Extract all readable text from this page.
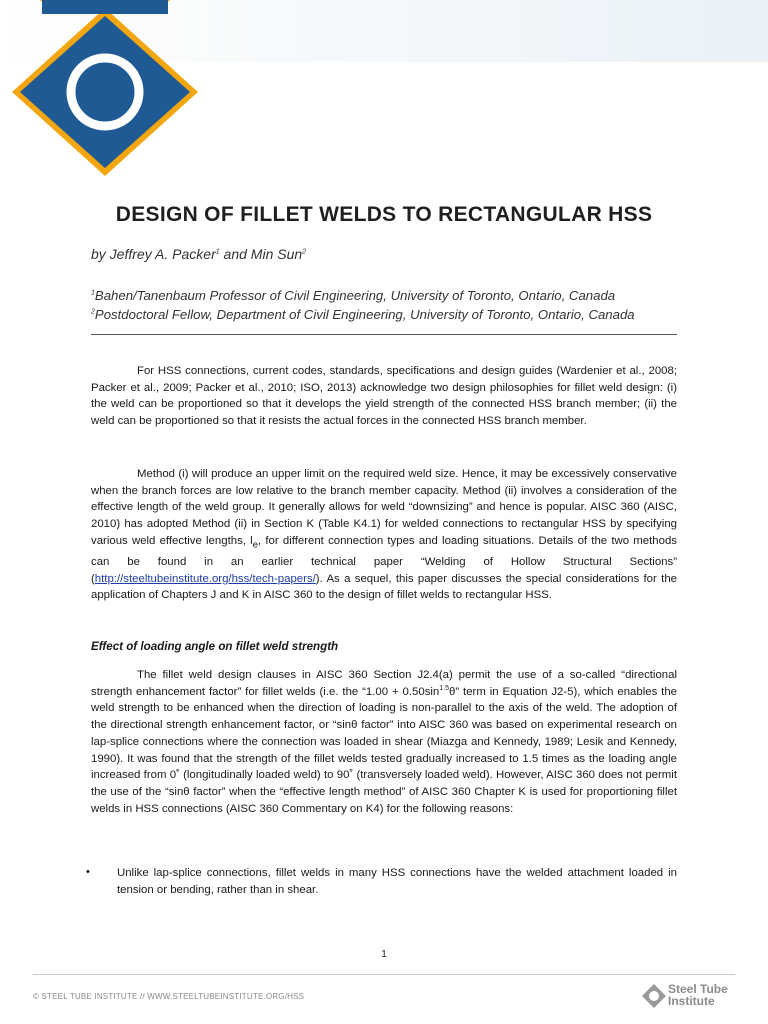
DESIGN OF FILLET WELDS TO RECTANGULAR HSS
by Jeffrey A. Packer$^1$ and Min Sun$^2$
$^1$Bahen/Tanenbaum Professor of Civil Engineering, University of Toronto, Ontario, Canada
$^2$Postdoctoral Fellow, Department of Civil Engineering, University of Toronto, Ontario, Canada

For HSS connections, current codes, standards, specifications and design guides (Wardenier et al., 2008; Packer et al., 2009; Packer et al., 2010; ISO, 2013) acknowledge two design philosophies for fillet weld design: (i) the weld can be proportioned so that it develops the yield strength of the connected HSS branch member; (ii) the weld can be proportioned so that it resists the actual forces in the connected HSS branch member.

Method (i) will produce an upper limit on the required weld size. Hence, it may be excessively conservative when the branch forces are low relative to the branch member capacity. Method (ii) involves a consideration of the effective length of the weld group. It generally allows for weld “downsizing” and hence is popular. AISC 360 (AISC, 2010) has adopted Method (ii) in Section K (Table K4.1) for welded connections to rectangular HSS by specifying various weld effective lengths, $l_e$, for different connection types and loading situations. Details of the two methods can be found in an earlier technical paper “Welding of Hollow Structural Sections” (http://steeltubeinstitute.org/hss/tech-papers/). As a sequel, this paper discusses the special considerations for the application of Chapters J and K in AISC 360 to the design of fillet welds to rectangular HSS.

Effect of loading angle on fillet weld strength

The fillet weld design clauses in AISC 360 Section J2.4(a) permit the use of a so-called “directional strength enhancement factor” for fillet welds (i.e. the “$1.00 + 0.50\sin^{1.5}\theta$” term in Equation J2-5), which enables the weld strength to be enhanced when the direction of loading is non-parallel to the axis of the weld. The adoption of the directional strength enhancement factor, or “sinθ factor” into AISC 360 was based on experimental research on lap-splice connections where the connection was loaded in shear (Miazga and Kennedy, 1989; Lesik and Kennedy, 1990). It was found that the strength of the fillet welds tested gradually increased to 1.5 times as the loading angle increased from 0˚ (longitudinally loaded weld) to 90˚ (transversely loaded weld). However, AISC 360 does not permit the use of the “sinθ factor” when the “effective length method” of AISC 360 Chapter K is used for proportioning fillet welds in HSS connections (AISC 360 Commentary on K4) for the following reasons:

• Unlike lap-splice connections, fillet welds in many HSS connections have the welded attachment loaded in tension or bending, rather than in shear.

1
© STEEL TUBE INSTITUTE // WWW.STEELTUBEINSTITUTE.ORG/HSS
Steel Tube
Institute
